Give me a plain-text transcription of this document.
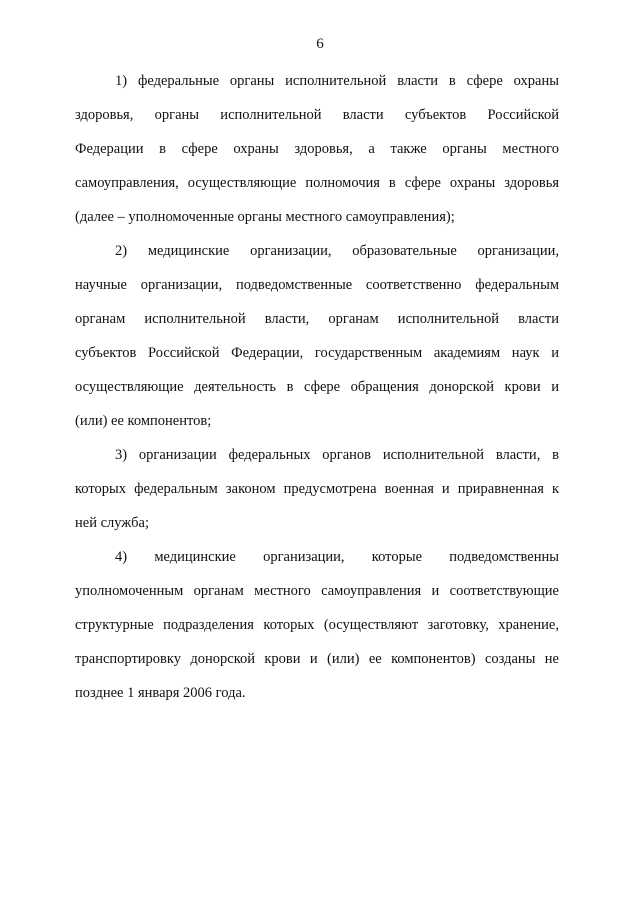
6
1) федеральные органы исполнительной власти в сфере охраны
здоровья, органы исполнительной власти субъектов Российской
Федерации в сфере охраны здоровья, а также органы местного
самоуправления, осуществляющие полномочия в сфере охраны здоровья
(далее – уполномоченные органы местного самоуправления);
2) медицинские организации, образовательные организации,
научные организации, подведомственные соответственно федеральным
органам исполнительной власти, органам исполнительной власти
субъектов Российской Федерации, государственным академиям наук и
осуществляющие деятельность в сфере обращения донорской крови и
(или) ее компонентов;
3) организации федеральных органов исполнительной власти, в
которых федеральным законом предусмотрена военная и приравненная к
ней служба;
4) медицинские организации, которые подведомственны
уполномоченным органам местного самоуправления и соответствующие
структурные подразделения которых (осуществляют заготовку, хранение,
транспортировку донорской крови и (или) ее компонентов) созданы не
позднее 1 января 2006 года.
